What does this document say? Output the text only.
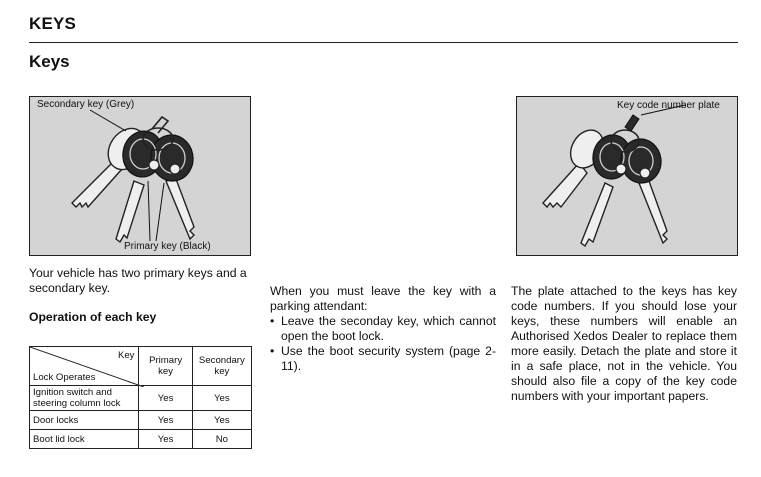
KEYS
Keys
Secondary key (Grey)
Primary key (Black)
Key code number plate
Your vehicle has two primary keys and a secondary key.
Operation of each key
Key
Lock Operates	Primary key	Secondary key
Ignition switch and steering column lock	Yes	Yes
Door locks	Yes	Yes
Boot lid lock	Yes	No
When you must leave the key with a parking attendant:
• Leave the seconday key, which cannot open the boot lock.
• Use the boot security system (page 2-11).
The plate attached to the keys has key code numbers. If you should lose your keys, these numbers will enable an Authorised Xedos Dealer to replace them more easily. Detach the plate and store it in a safe place, not in the vehicle. You should also file a copy of the key code numbers with your important papers.
